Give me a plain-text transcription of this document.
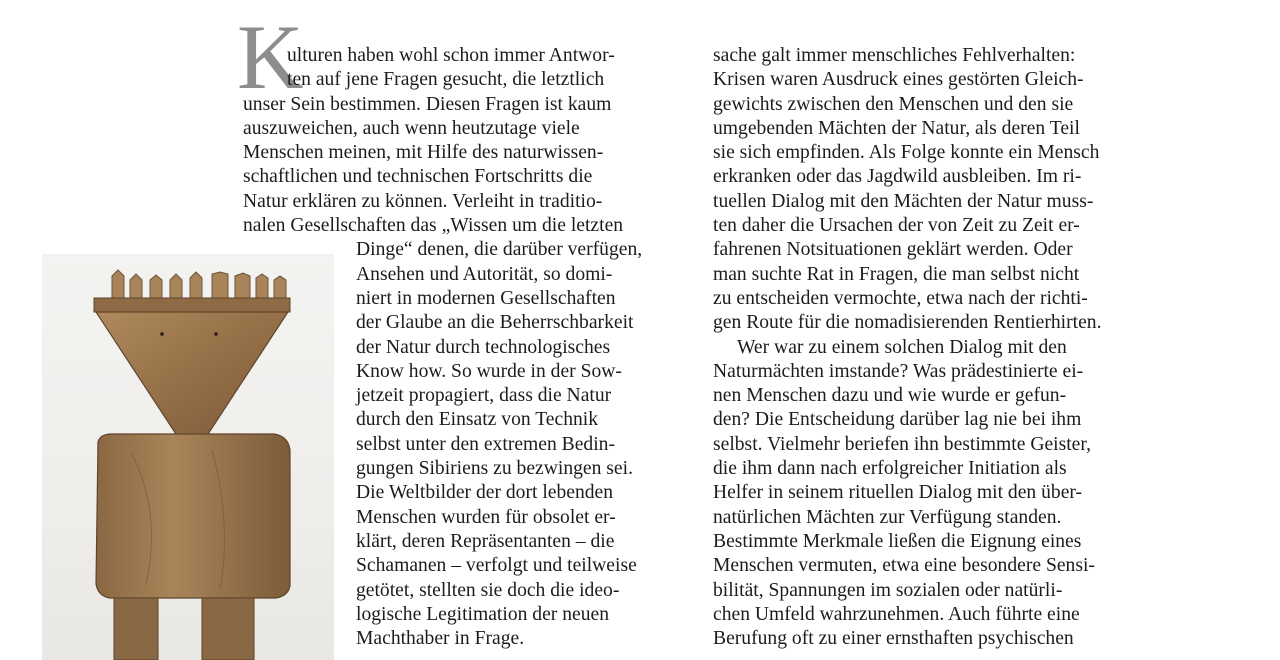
K
ulturen haben wohl schon immer Antwor-
ten auf jene Fragen gesucht, die letztlich
unser Sein bestimmen. Diesen Fragen ist kaum
auszuweichen, auch wenn heutzutage viele
Menschen meinen, mit Hilfe des naturwissen-
schaftlichen und technischen Fortschritts die
Natur erklären zu können. Verleiht in traditio-
nalen Gesellschaften das „Wissen um die letzten
Dinge“ denen, die darüber verfügen,
Ansehen und Autorität, so domi-
niert in modernen Gesellschaften
der Glaube an die Beherrschbarkeit
der Natur durch technologisches
Know how. So wurde in der Sow-
jetzeit propagiert, dass die Natur
durch den Einsatz von Technik
selbst unter den extremen Bedin-
gungen Sibiriens zu bezwingen sei.
Die Weltbilder der dort lebenden
Menschen wurden für obsolet er-
klärt, deren Repräsentanten – die
Schamanen – verfolgt und teilweise
getötet, stellten sie doch die ideo-
logische Legitimation der neuen
Machthaber in Frage.
sache galt immer menschliches Fehlverhalten:
Krisen waren Ausdruck eines gestörten Gleich-
gewichts zwischen den Menschen und den sie
umgebenden Mächten der Natur, als deren Teil
sie sich empfinden. Als Folge konnte ein Mensch
erkranken oder das Jagdwild ausbleiben. Im ri-
tuellen Dialog mit den Mächten der Natur muss-
ten daher die Ursachen der von Zeit zu Zeit er-
fahrenen Notsituationen geklärt werden. Oder
man suchte Rat in Fragen, die man selbst nicht
zu entscheiden vermochte, etwa nach der richti-
gen Route für die nomadisierenden Rentierhirten.
Wer war zu einem solchen Dialog mit den
Naturmächten imstande? Was prädestinierte ei-
nen Menschen dazu und wie wurde er gefun-
den? Die Entscheidung darüber lag nie bei ihm
selbst. Vielmehr beriefen ihn bestimmte Geister,
die ihm dann nach erfolgreicher Initiation als
Helfer in seinem rituellen Dialog mit den über-
natürlichen Mächten zur Verfügung standen.
Bestimmte Merkmale ließen die Eignung eines
Menschen vermuten, etwa eine besondere Sensi-
bilität, Spannungen im sozialen oder natürli-
chen Umfeld wahrzunehmen. Auch führte eine
Berufung oft zu einer ernsthaften psychischen
